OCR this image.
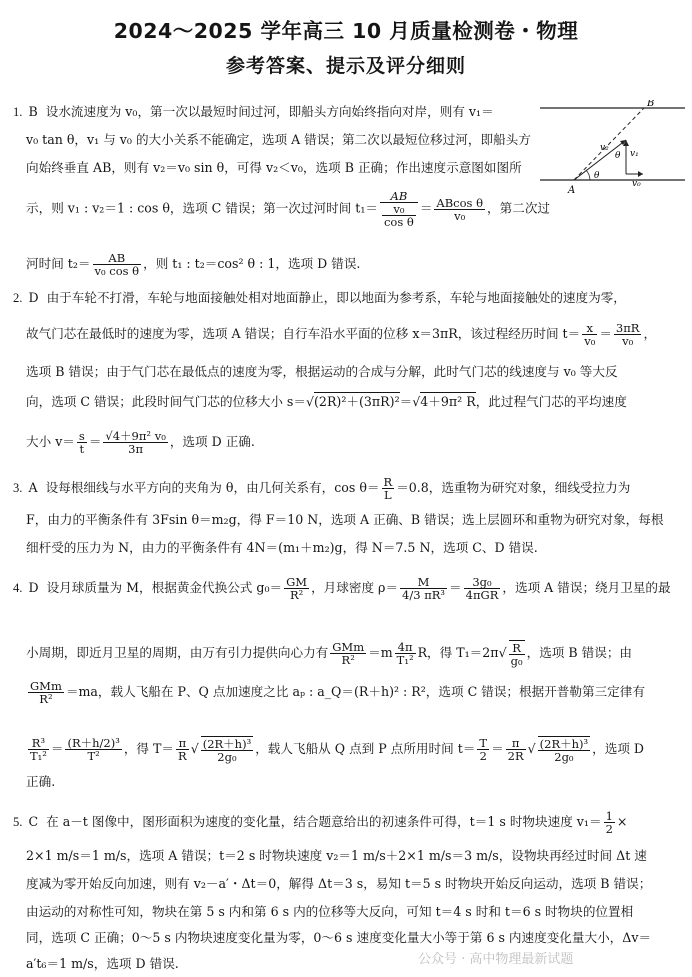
2024～2025 学年高三 10 月质量检测卷・物理
参考答案、提示及评分细则
B
v₂
θ v₁
A
θ
v₀
1. B 设水流速度为 v₀，第一次以最短时间过河，即船头方向始终指向对岸，则有 v₁＝
v₀ tan θ，v₁ 与 v₀ 的大小关系不能确定，选项 A 错误；第二次以最短位移过河，即船头方
向始终垂直 AB，则有 v₂＝v₀ sin θ，可得 v₂＜v₀，选项 B 正确；作出速度示意图如图所
示，则 v₁ : v₂＝1 : cos θ，选项 C 错误；第一次过河时间 $t_1= \frac{AB}{\frac{\text{v₀}}{\text{cos θ}}} = \frac{\text{ABcos θ}}{\text{v₀}}$ ，第二次过
河时间 $t_2= \frac{AB}{\text{v₀ cos θ}}$ ，则 t₁ : t₂＝cos² θ : 1，选项 D 错误.
2. D 由于车轮不打滑，车轮与地面接触处相对地面静止，即以地面为参考系，车轮与地面接触处的速度为零，
故气门芯在最低时的速度为零，选项 A 错误；自行车沿水平面的位移 x＝3πR，该过程经历时间 $t= \frac{x}{\text{v₀}} = \frac{3\pi R}{\text{v₀}}$ ，
选项 B 错误；由于气门芯在最低点的速度为零，根据运动的合成与分解，此时气门芯的线速度与 v₀ 等大反
向，选项 C 错误；此段时间气门芯的位移大小 s＝√(2R)²＋(3πR)²＝√4＋9π² R，此过程气门芯的平均速度
大小 $v= \frac{s}{t} = \frac{\text{√4＋9π² v₀}}{3\pi}$ ，选项 D 正确.
3. A 设每根细线与水平方向的夹角为 θ，由几何关系有，$\cos \theta= \frac{R}{L} =0.8$，选重物为研究对象，细线受拉力为
F，由力的平衡条件有 3Fsin θ＝m₂g，得 F＝10 N，选项 A 正确、B 错误；选上层圆环和重物为研究对象，每根
细杆受的压力为 N，由力的平衡条件有 4N＝(m₁＋m₂)g，得 N＝7.5 N，选项 C、D 错误.
4. D 设月球质量为 M，根据黄金代换公式 $g_0= \frac{GM}{\text{R²}}$ ，月球密度 $\rho= \frac{M}{\text{4/3 πR³}} = \frac{\text{3g₀}}{\text{4πGR}}$ ，选项 A 错误；绕月卫星的最
小周期，即近月卫星的周期，由万有引力提供向心力有 $\frac{\text{GMm}}{\text{R²}} =m \frac{4\pi}{\text{T₁²}}$ R，得 $T_1=2\pi√ \frac{R}{\text{g₀}}$ ，选项 B 错误；由
$\frac{\text{GMm}}{\text{R²}} =ma$，载人飞船在 P、Q 点加速度之比 aₚ : a_Q＝(R＋h)² : R²，选项 C 错误；根据开普勒第三定律有
$\frac{\text{R³}}{\text{T₁²}} = \frac{\text{(R＋h/2)³}}{\text{T²}}$ ，得 $T= \frac{\pi}{R}$ √ $\frac{\text{(2R＋h)³}}{\text{2g₀}}$ ，载人飞船从 Q 点到 P 点所用时间 $t= \frac{T}{2} = \frac{\pi}{2R}$ √ $\frac{\text{(2R＋h)³}}{\text{2g₀}}$ ，选项 D
正确.
5. C 在 a－t 图像中，图形面积为速度的变化量，结合题意给出的初速条件可得，t＝1 s 时物块速度 $v_1= \frac{1}{2}$ ×
2×1 m/s＝1 m/s，选项 A 错误；t＝2 s 时物块速度 v₂＝1 m/s＋2×1 m/s＝3 m/s，设物块再经过时间 Δt 速
度减为零开始反向加速，则有 v₂－a′・Δt＝0，解得 Δt＝3 s，易知 t＝5 s 时物块开始反向运动，选项 B 错误；
由运动的对称性可知，物块在第 5 s 内和第 6 s 内的位移等大反向，可知 t＝4 s 时和 t＝6 s 时物块的位置相
同，选项 C 正确；0～5 s 内物块速度变化量为零，0～6 s 速度变化量大小等于第 6 s 内速度变化量大小，Δv＝
a′t₆＝1 m/s，选项 D 错误.	公众号 · 高中物理最新试题
